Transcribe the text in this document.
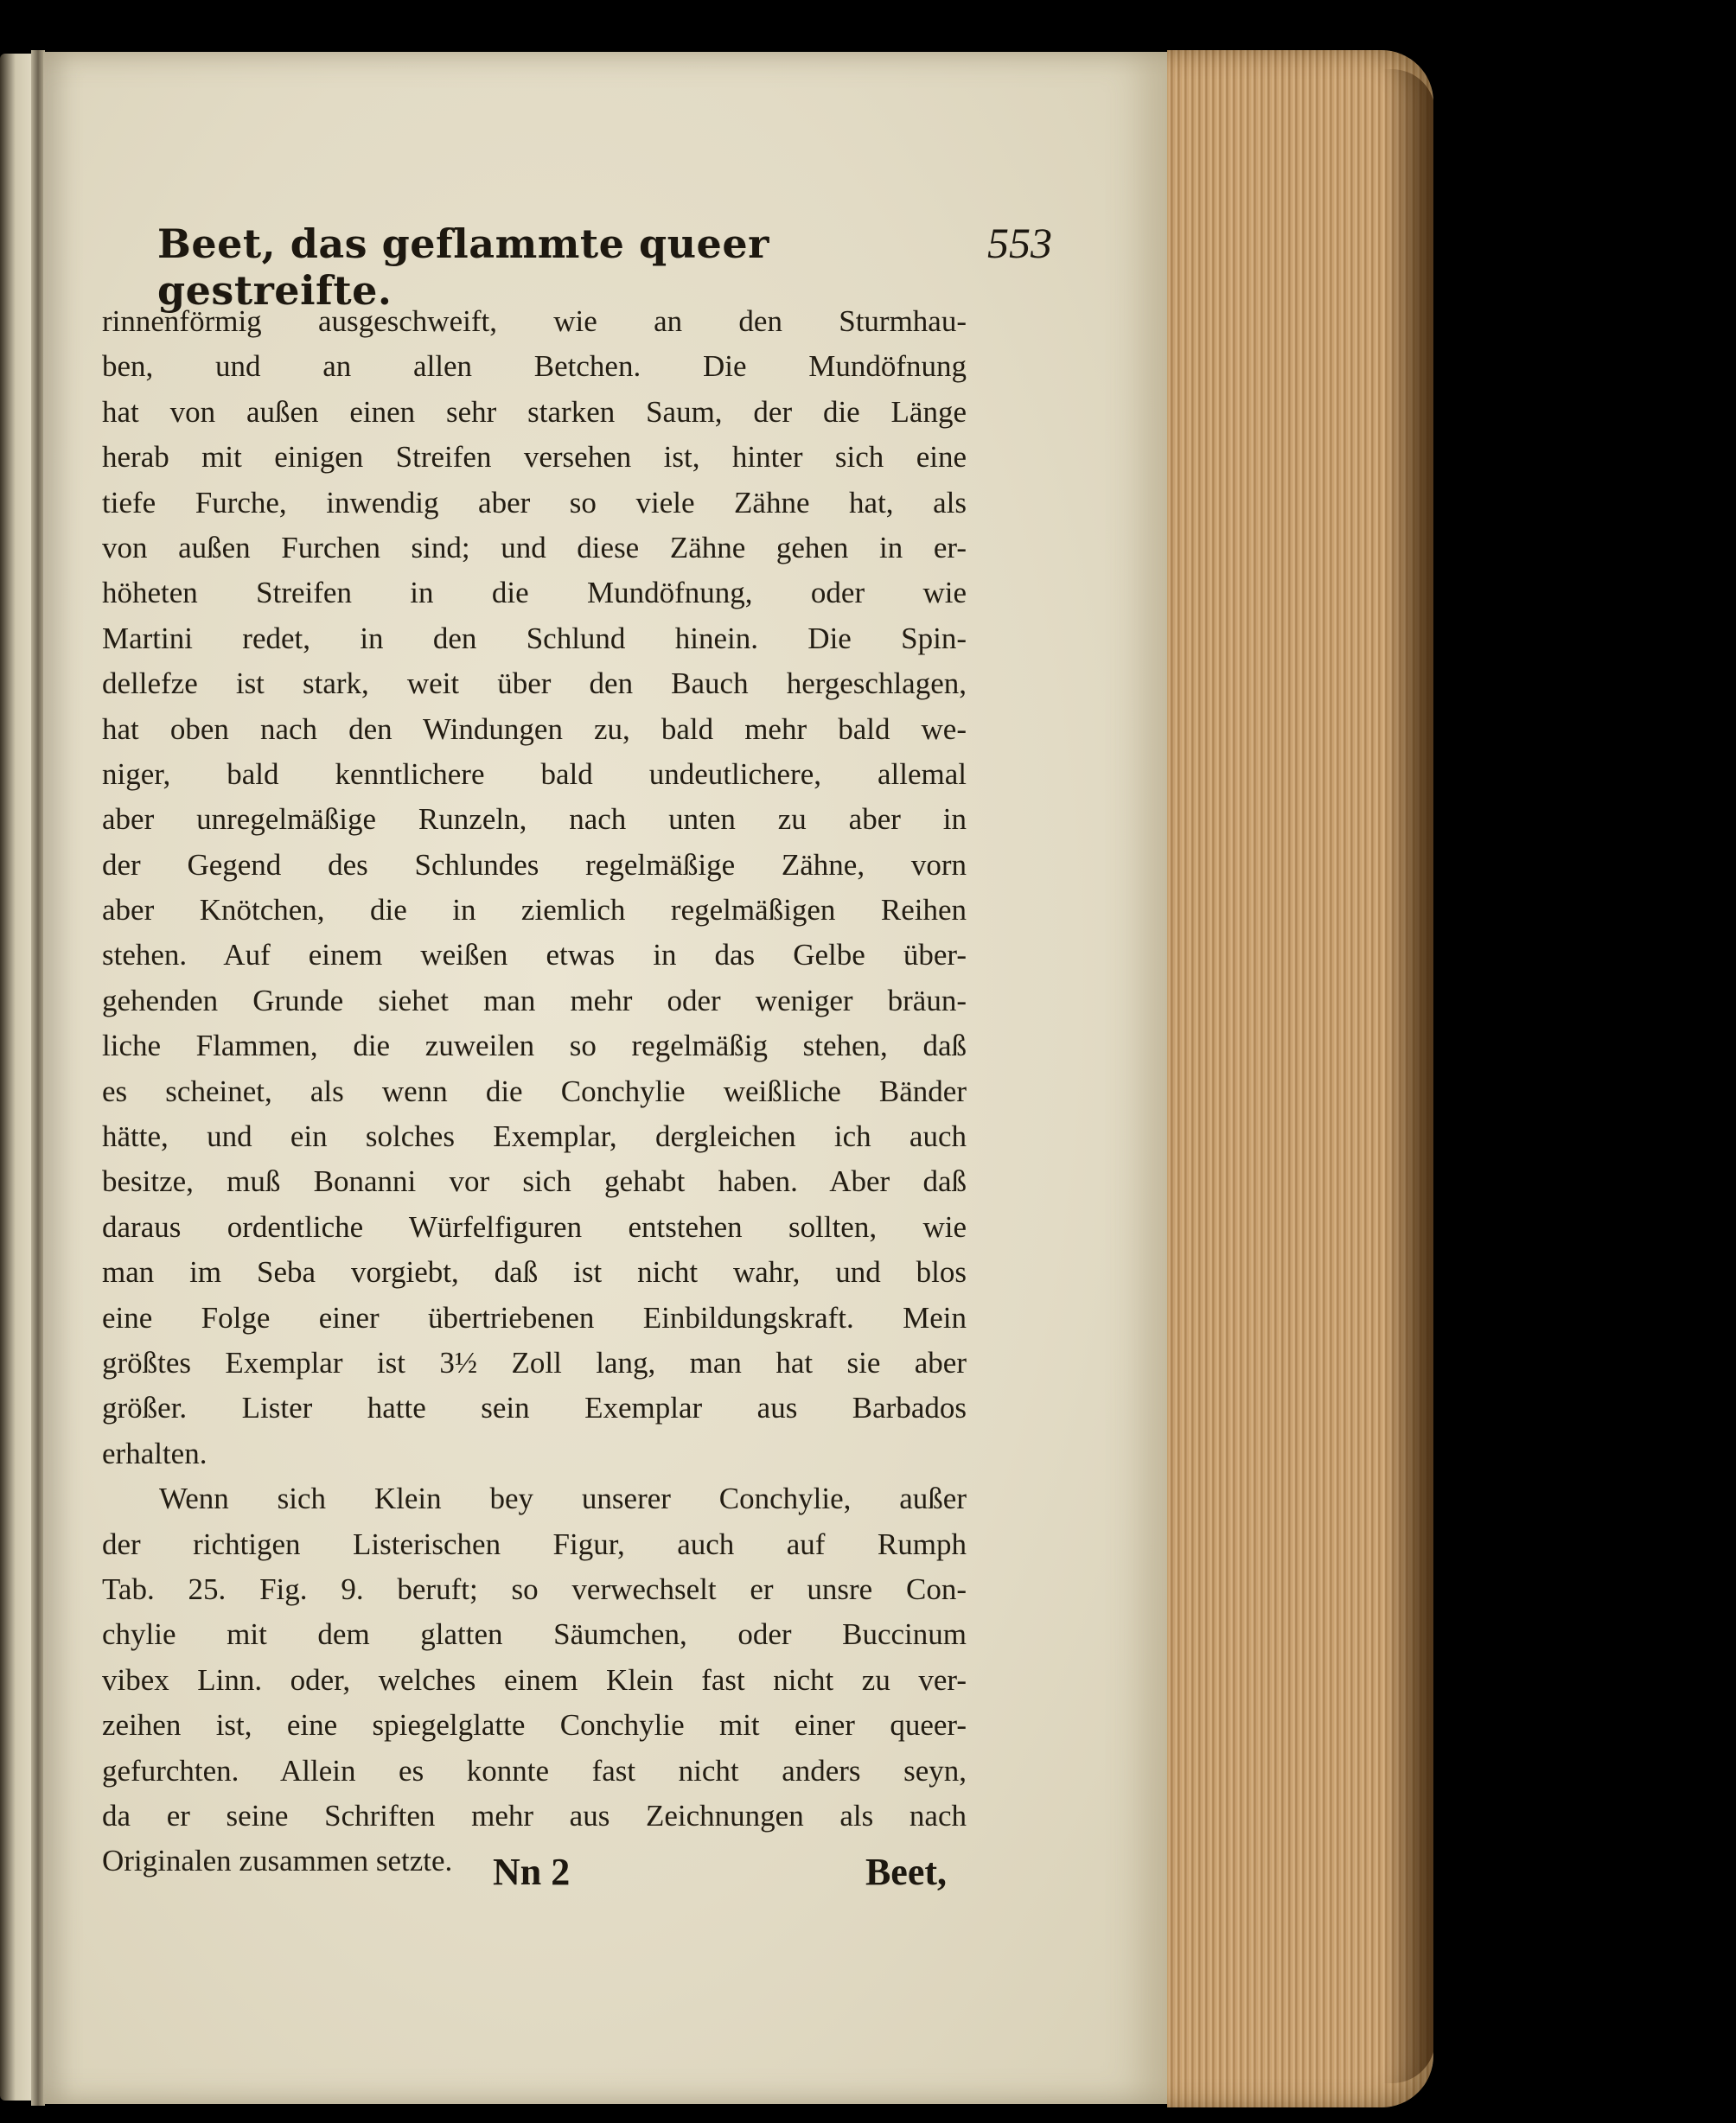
Beet, das geflammte queer gestreifte.
553
rinnenförmig ausgeschweift, wie an den Sturmhau-
ben, und an allen Betchen. Die Mundöfnung
hat von außen einen sehr starken Saum, der die Länge
herab mit einigen Streifen versehen ist, hinter sich eine
tiefe Furche, inwendig aber so viele Zähne hat, als
von außen Furchen sind; und diese Zähne gehen in er-
höheten Streifen in die Mundöfnung, oder wie
Martini redet, in den Schlund hinein. Die Spin-
dellefze ist stark, weit über den Bauch hergeschlagen,
hat oben nach den Windungen zu, bald mehr bald we-
niger, bald kenntlichere bald undeutlichere, allemal
aber unregelmäßige Runzeln, nach unten zu aber in
der Gegend des Schlundes regelmäßige Zähne, vorn
aber Knötchen, die in ziemlich regelmäßigen Reihen
stehen. Auf einem weißen etwas in das Gelbe über-
gehenden Grunde siehet man mehr oder weniger bräun-
liche Flammen, die zuweilen so regelmäßig stehen, daß
es scheinet, als wenn die Conchylie weißliche Bänder
hätte, und ein solches Exemplar, dergleichen ich auch
besitze, muß Bonanni vor sich gehabt haben. Aber daß
daraus ordentliche Würfelfiguren entstehen sollten, wie
man im Seba vorgiebt, daß ist nicht wahr, und blos
eine Folge einer übertriebenen Einbildungskraft. Mein
größtes Exemplar ist 3½ Zoll lang, man hat sie aber
größer. Lister hatte sein Exemplar aus Barbados
erhalten.
Wenn sich Klein bey unserer Conchylie, außer
der richtigen Listerischen Figur, auch auf Rumph
Tab. 25. Fig. 9. beruft; so verwechselt er unsre Con-
chylie mit dem glatten Säumchen, oder Buccinum
vibex Linn. oder, welches einem Klein fast nicht zu ver-
zeihen ist, eine spiegelglatte Conchylie mit einer queer-
gefurchten. Allein es konnte fast nicht anders seyn,
da er seine Schriften mehr aus Zeichnungen als nach
Originalen zusammen setzte.	Nn 2	Beet,
